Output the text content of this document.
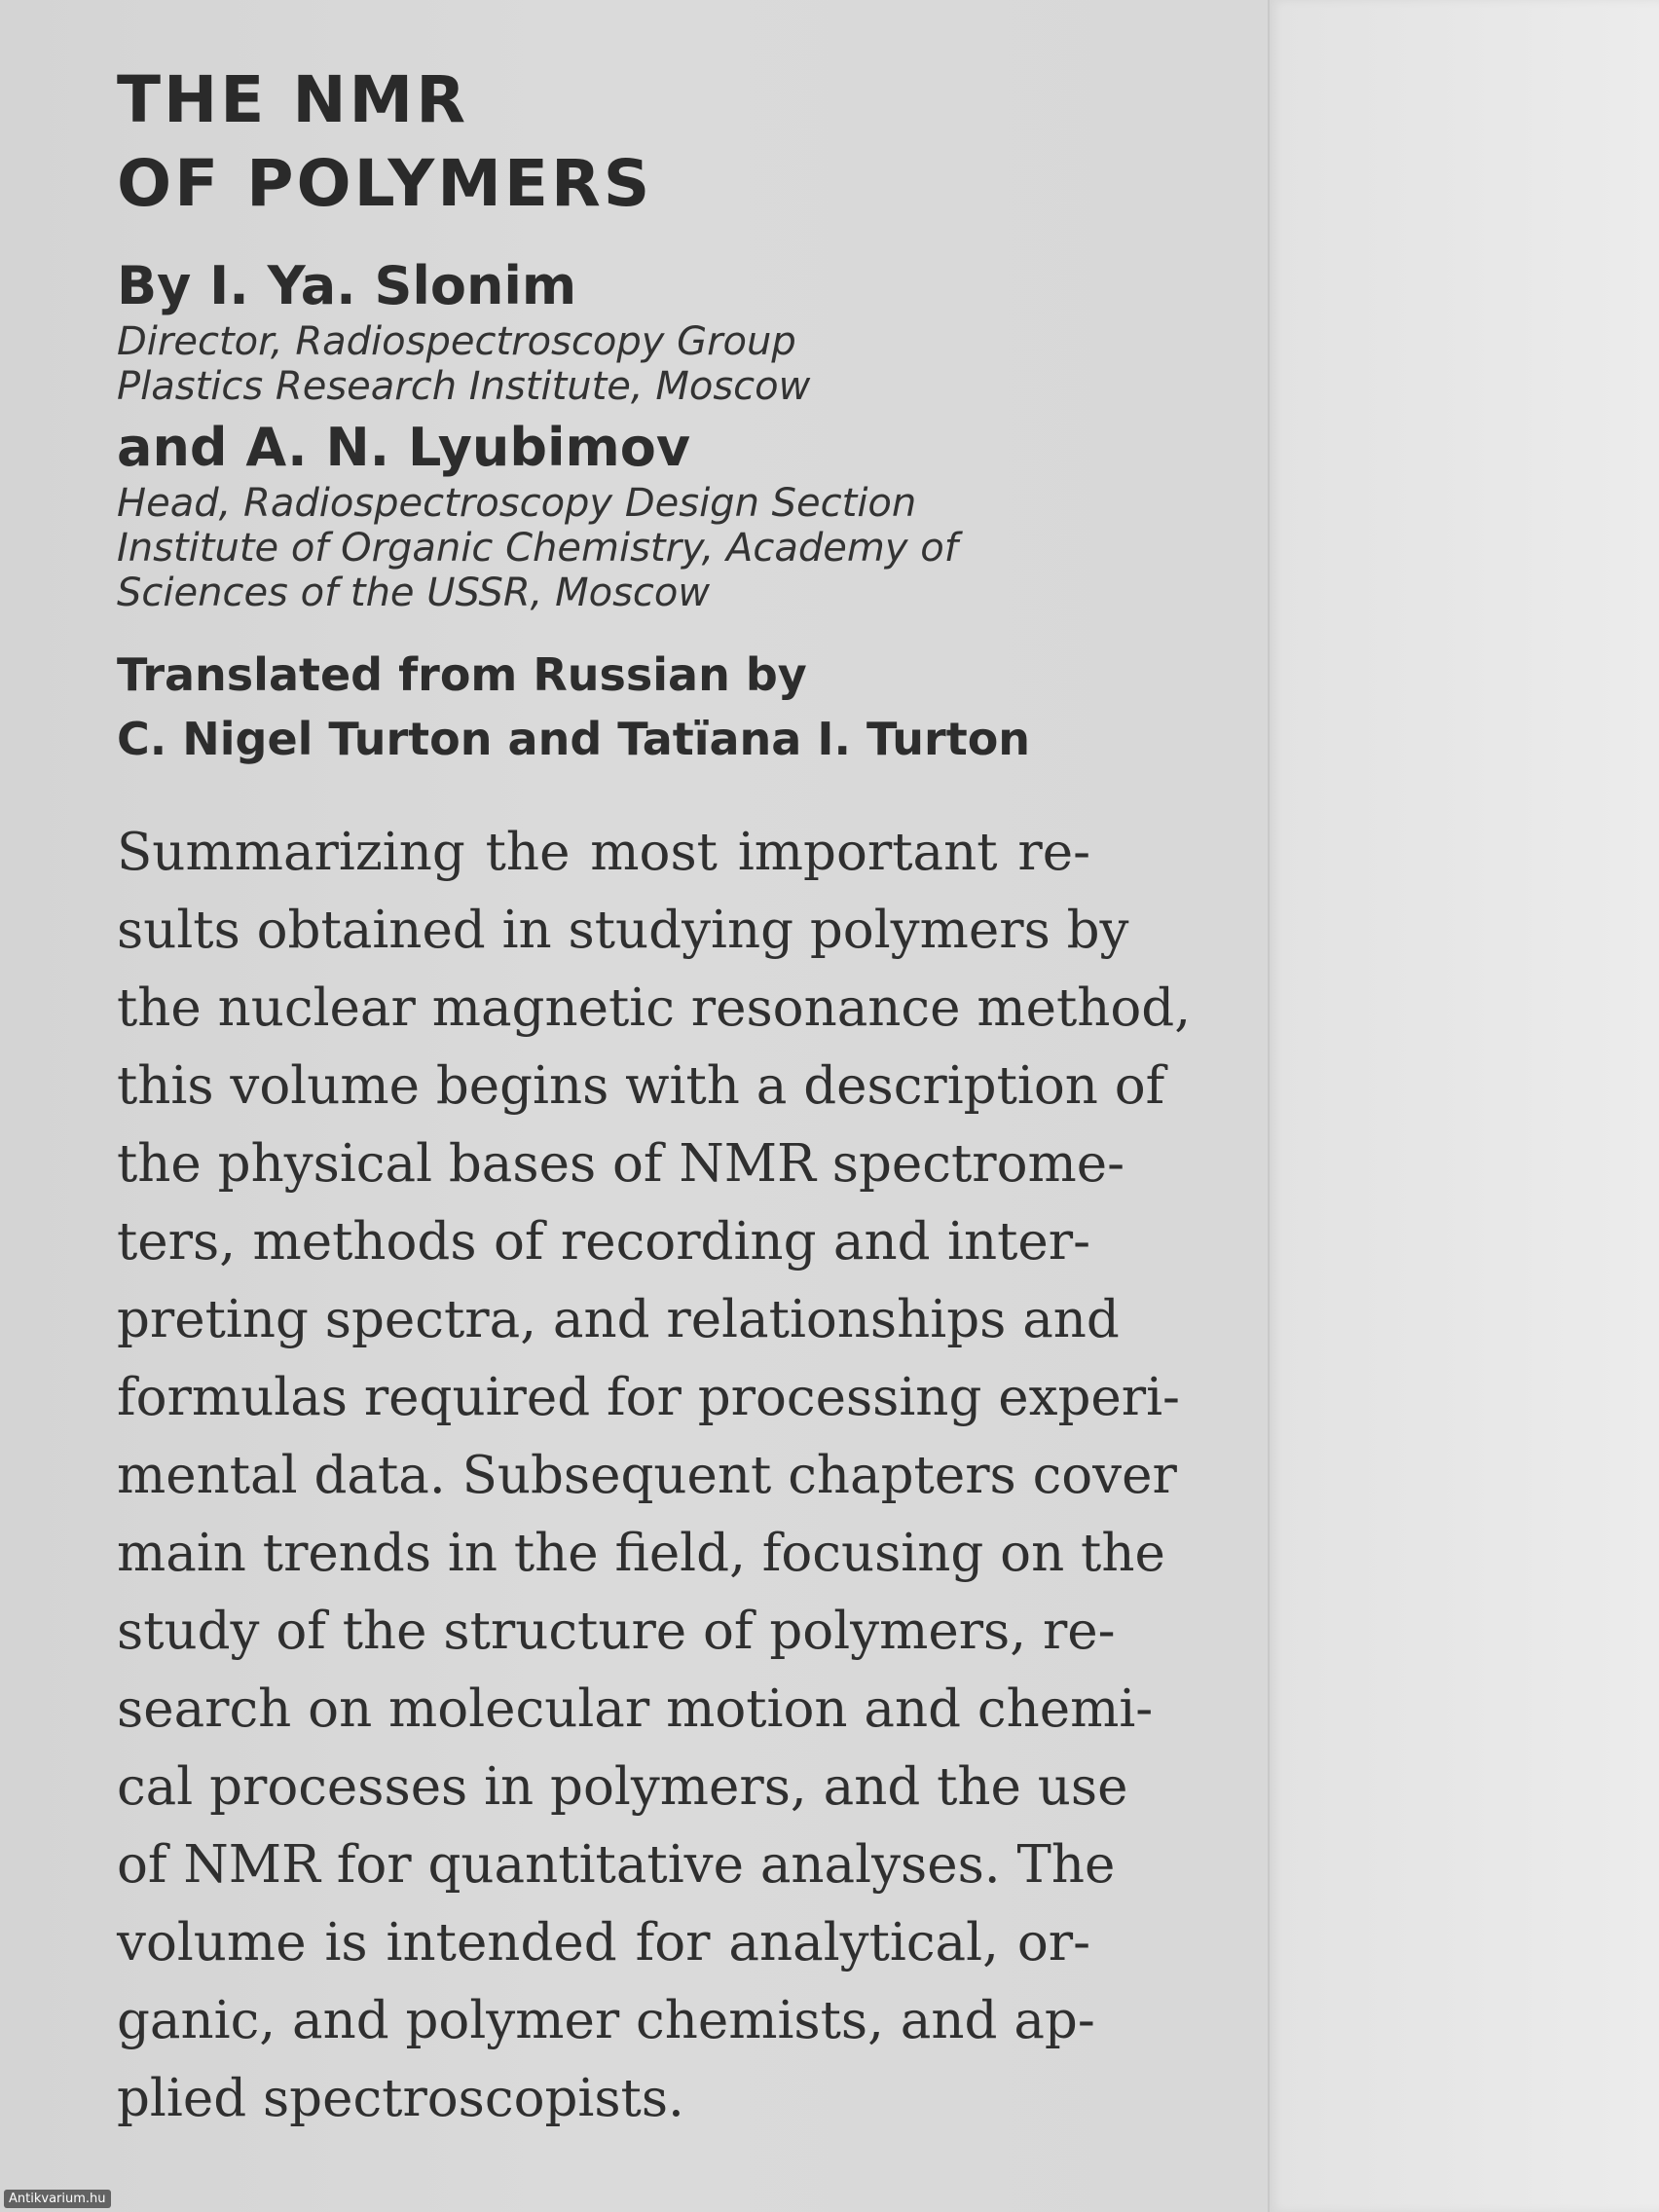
THE NMR
OF POLYMERS
By I. Ya. Slonim
Director, Radiospectroscopy Group
Plastics Research Institute, Moscow
and A. N. Lyubimov
Head, Radiospectroscopy Design Section
Institute of Organic Chemistry, Academy of
Sciences of the USSR, Moscow
Translated from Russian by
C. Nigel Turton and Tatïana I. Turton
Summarizing the most important re-
sults obtained in studying polymers by
the nuclear magnetic resonance method,
this volume begins with a description of
the physical bases of NMR spectrome-
ters, methods of recording and inter-
preting spectra, and relationships and
formulas required for processing experi-
mental data. Subsequent chapters cover
main trends in the field, focusing on the
study of the structure of polymers, re-
search on molecular motion and chemi-
cal processes in polymers, and the use
of NMR for quantitative analyses. The
volume is intended for analytical, or-
ganic, and polymer chemists, and ap-
plied spectroscopists.
Antikvarium.hu
